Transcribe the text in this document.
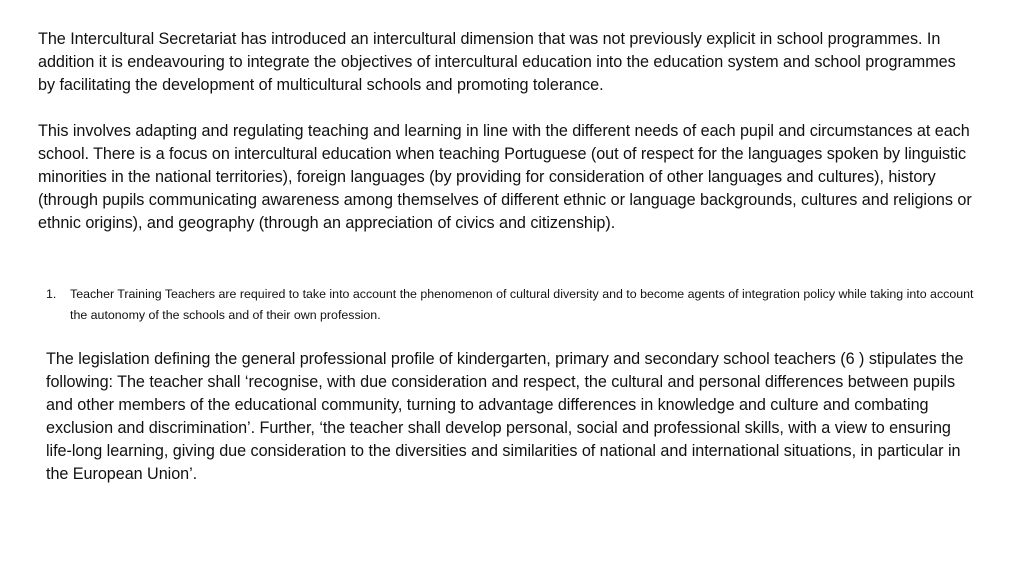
The Intercultural Secretariat has introduced an intercultural dimension that was not previously explicit in school programmes. In addition it is endeavouring to integrate the objectives of intercultural education into the education system and school programmes by facilitating the development of multicultural schools and promoting tolerance.

This involves adapting and regulating teaching and learning in line with the different needs of each pupil and circumstances at each school. There is a focus on intercultural education when teaching Portuguese (out of respect for the languages spoken by linguistic minorities in the national territories), foreign languages (by providing for consideration of other languages and cultures), history (through pupils communicating awareness among themselves of different ethnic or language backgrounds, cultures and religions or ethnic origins), and geography (through an appreciation of civics and citizenship).

1. Teacher Training Teachers are required to take into account the phenomenon of cultural diversity and to become agents of integration policy while taking into account the autonomy of the schools and of their own profession.

The legislation defining the general professional profile of kindergarten, primary and secondary school teachers (6 ) stipulates the following: The teacher shall ‘recognise, with due consideration and respect, the cultural and personal differences between pupils and other members of the educational community, turning to advantage differences in knowledge and culture and combating exclusion and discrimination’. Further, ‘the teacher shall develop personal, social and professional skills, with a view to ensuring life-long learning, giving due consideration to the diversities and similarities of national and international situations, in particular in the European Union’.
